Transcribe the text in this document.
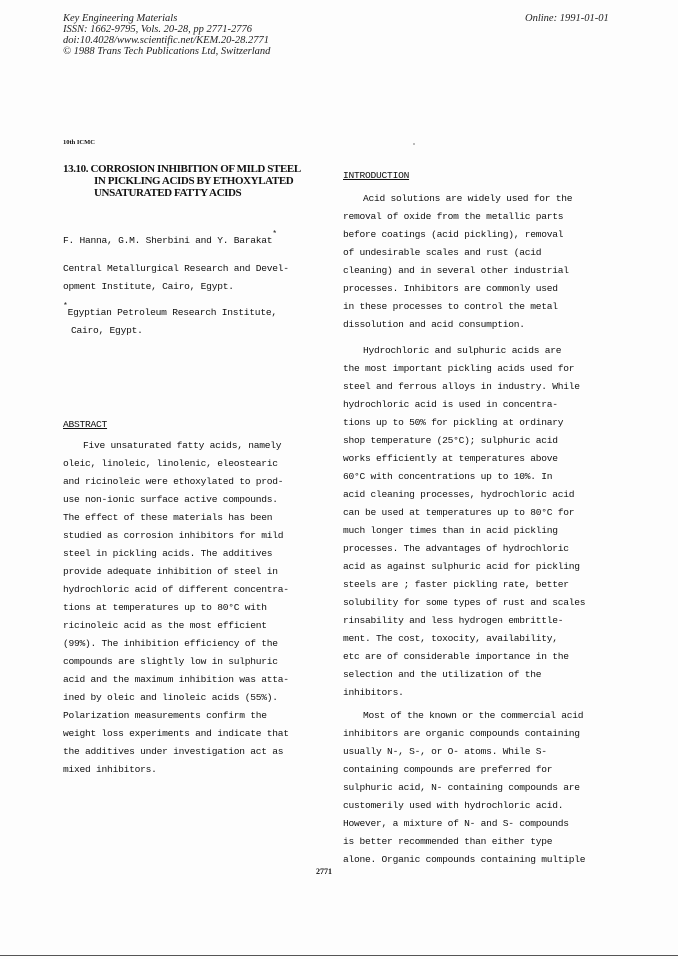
Key Engineering Materials
ISSN: 1662-9795, Vols. 20-28, pp 2771-2776
doi:10.4028/www.scientific.net/KEM.20-28.2771
© 1988 Trans Tech Publications Ltd, Switzerland
Online: 1991-01-01
10th ICMC
13.10. CORROSION INHIBITION OF MILD STEEL
IN PICKLING ACIDS BY ETHOXYLATED
UNSATURATED FATTY ACIDS
F. Hanna, G.M. Sherbini and Y. Barakat*
Central Metallurgical Research and Devel-
opment Institute, Cairo, Egypt.
*Egyptian Petroleum Research Institute,
Cairo, Egypt.
ABSTRACT
Five unsaturated fatty acids, namely
oleic, linoleic, linolenic, eleostearic
and ricinoleic were ethoxylated to prod-
use non-ionic surface active compounds.
The effect of these materials has been
studied as corrosion inhibitors for mild
steel in pickling acids. The additives
provide adequate inhibition of steel in
hydrochloric acid of different concentra-
tions at temperatures up to 80°C with
ricinoleic acid as the most efficient
(99%). The inhibition efficiency of the
compounds are slightly low in sulphuric
acid and the maximum inhibition was atta-
ined by oleic and linoleic acids (55%).
Polarization measurements confirm the
weight loss experiments and indicate that
the additives under investigation act as
mixed inhibitors.
INTRODUCTION
Acid solutions are widely used for the
removal of oxide from the metallic parts
before coatings (acid pickling), removal
of undesirable scales and rust (acid
cleaning) and in several other industrial
processes. Inhibitors are commonly used
in these processes to control the metal
dissolution and acid consumption.
Hydrochloric and sulphuric acids are
the most important pickling acids used for
steel and ferrous alloys in industry. While
hydrochloric acid is used in concentra-
tions up to 50% for pickling at ordinary
shop temperature (25°C); sulphuric acid
works efficiently at temperatures above
60°C with concentrations up to 10%. In
acid cleaning processes, hydrochloric acid
can be used at temperatures up to 80°C for
much longer times than in acid pickling
processes. The advantages of hydrochloric
acid as against sulphuric acid for pickling
steels are ; faster pickling rate, better
solubility for some types of rust and scales
rinsability and less hydrogen embrittle-
ment. The cost, toxocity, availability,
etc are of considerable importance in the
selection and the utilization of the
inhibitors.
Most of the known or the commercial acid
inhibitors are organic compounds containing
usually N-, S-, or O- atoms. While S-
containing compounds are preferred for
sulphuric acid, N- containing compounds are
customerily used with hydrochloric acid.
However, a mixture of N- and S- compounds
is better recommended than either type
alone. Organic compounds containing multiple
2771
